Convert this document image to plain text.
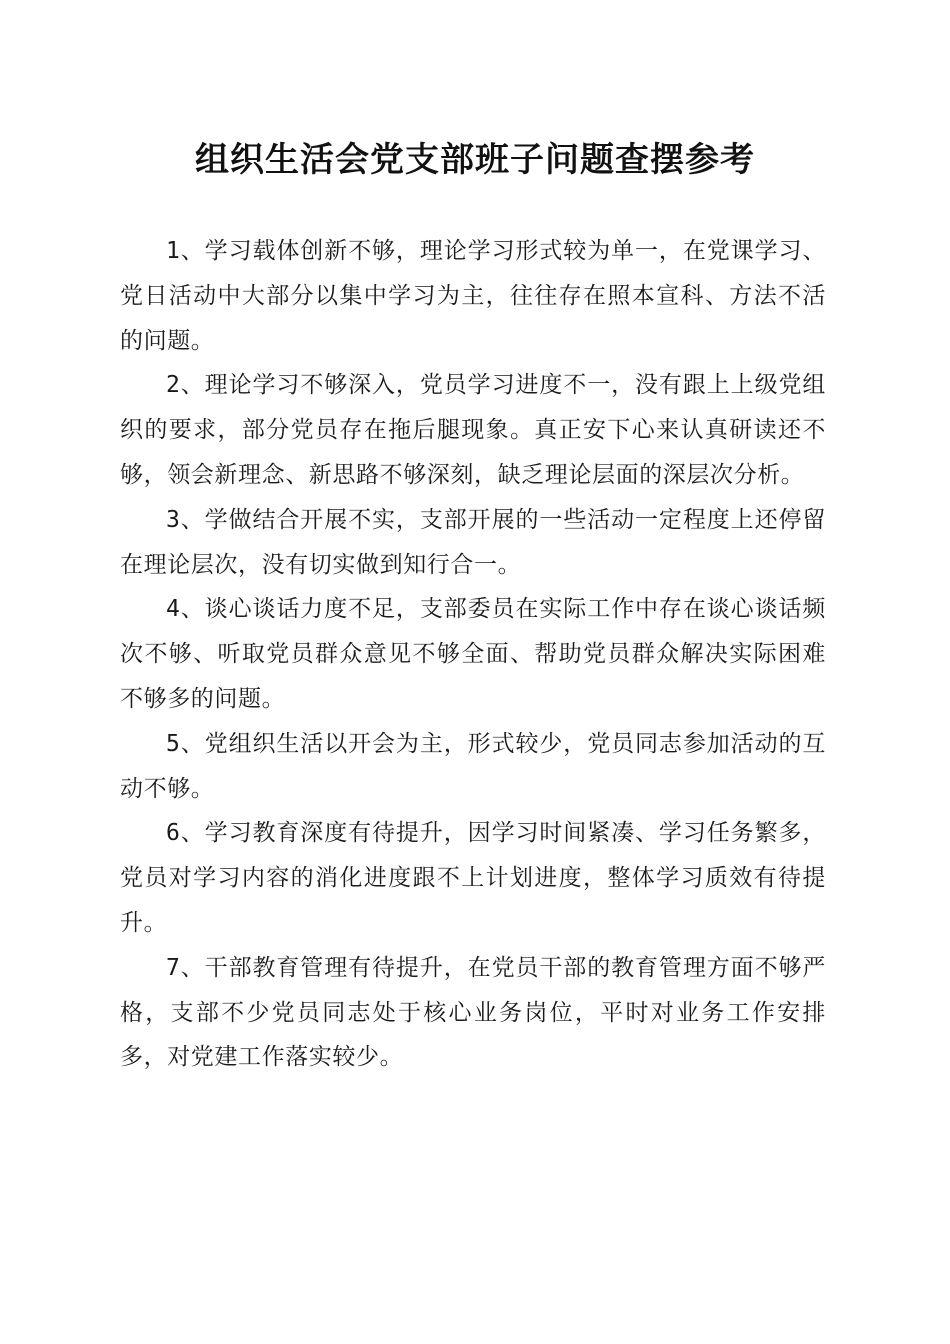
组织生活会党支部班子问题查摆参考

1、学习载体创新不够，理论学习形式较为单一，在党课学习、党日活动中大部分以集中学习为主，往往存在照本宣科、方法不活的问题。

2、理论学习不够深入，党员学习进度不一，没有跟上上级党组织的要求，部分党员存在拖后腿现象。真正安下心来认真研读还不够，领会新理念、新思路不够深刻，缺乏理论层面的深层次分析。

3、学做结合开展不实，支部开展的一些活动一定程度上还停留在理论层次，没有切实做到知行合一。

4、谈心谈话力度不足，支部委员在实际工作中存在谈心谈话频次不够、听取党员群众意见不够全面、帮助党员群众解决实际困难不够多的问题。

5、党组织生活以开会为主，形式较少，党员同志参加活动的互动不够。

6、学习教育深度有待提升，因学习时间紧凑、学习任务繁多，党员对学习内容的消化进度跟不上计划进度，整体学习质效有待提升。

7、干部教育管理有待提升，在党员干部的教育管理方面不够严格，支部不少党员同志处于核心业务岗位，平时对业务工作安排多，对党建工作落实较少。
